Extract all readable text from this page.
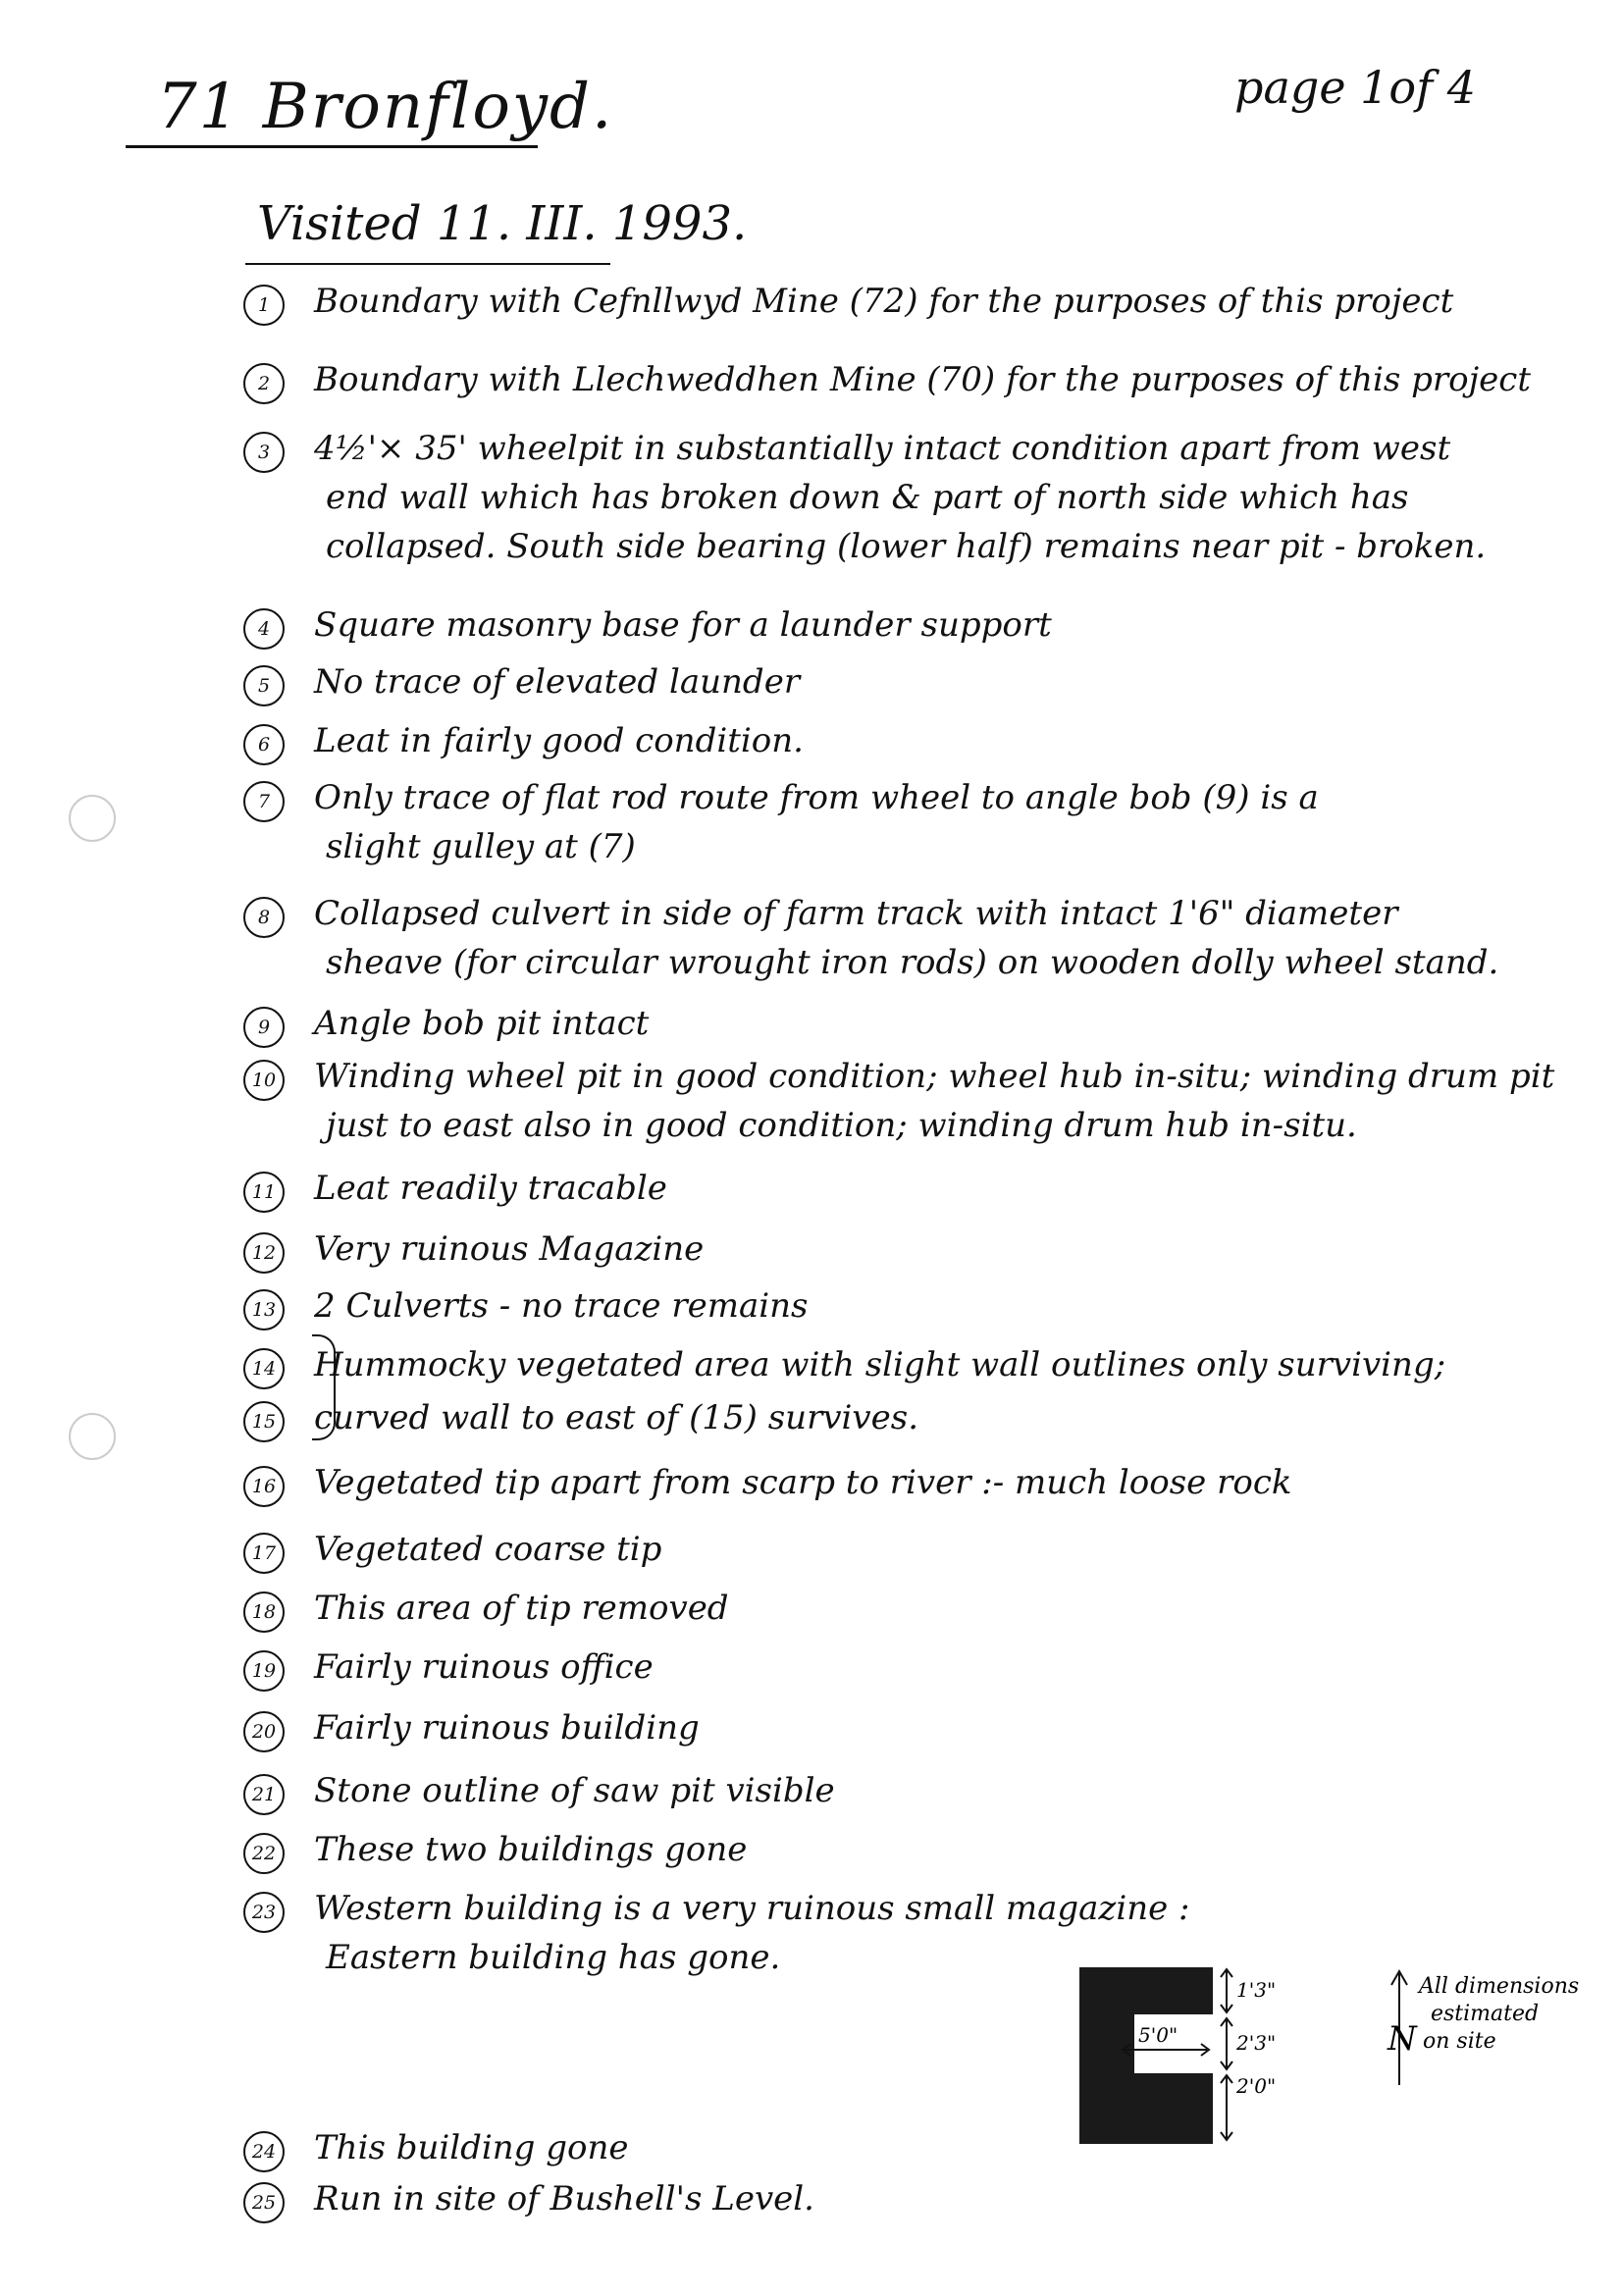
71 Bronfloyd.	page 1of 4
Visited 11. III. 1993.
1	Boundary with Cefnllwyd Mine (72) for the purposes of this project
2	Boundary with Llechweddhen Mine (70) for the purposes of this project
3	4½'× 35' wheelpit in substantially intact condition apart from west
end wall which has broken down & part of north side which has
collapsed. South side bearing (lower half) remains near pit - broken.
4	Square masonry base for a launder support
5	No trace of elevated launder
6	Leat in fairly good condition.
7	Only trace of flat rod route from wheel to angle bob (9) is a
slight gulley at (7)
8	Collapsed culvert in side of farm track with intact 1'6" diameter
sheave (for circular wrought iron rods) on wooden dolly wheel stand.
9	Angle bob pit intact
10 Winding wheel pit in good condition; wheel hub in-situ; winding drum pit
just to east also in good condition; winding drum hub in-situ.
11 Leat readily tracable
12 Very ruinous Magazine
13 2 Culverts - no trace remains
14 Hummocky vegetated area with slight wall outlines only surviving;
15 curved wall to east of (15) survives.
16 Vegetated tip apart from scarp to river :- much loose rock
17 Vegetated coarse tip
18 This area of tip removed
19 Fairly ruinous office
20 Fairly ruinous building
21 Stone outline of saw pit visible
22 These two buildings gone
23 Western building is a very ruinous small magazine :
Eastern building has gone.
24 This building gone
25 Run in site of Bushell's Level.
5'0"
1'3"
2'3"
2'0"
N
All dimensions
estimated
on site
